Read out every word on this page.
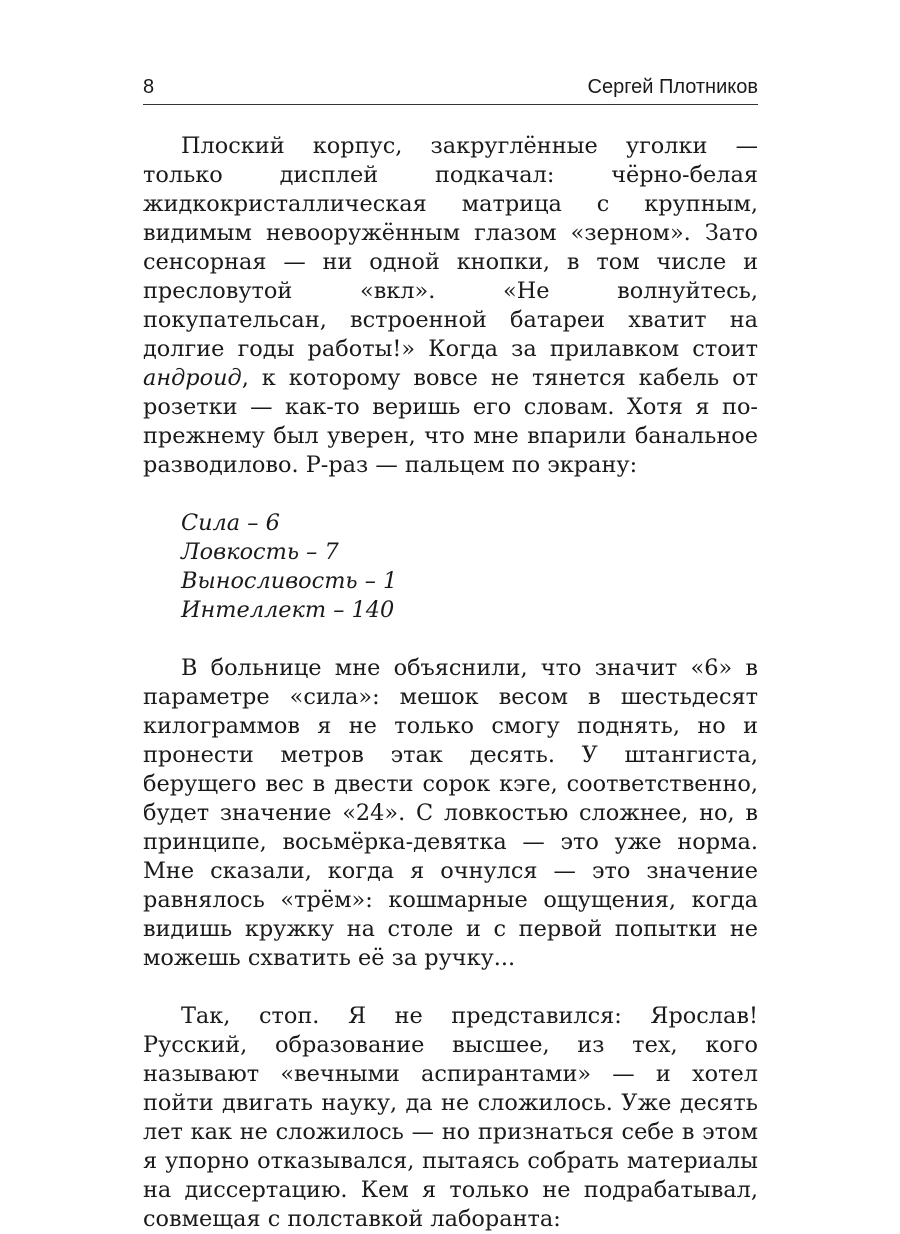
8	Сергей Плотников

Плоский корпус, закруглённые уголки — только дисплей подкачал: чёрно-белая жидкокристаллическая матрица с крупным, видимым невооружённым глазом «зерном». Зато сенсорная — ни одной кнопки, в том числе и пресловутой «вкл». «Не волнуйтесь, покупательсан, встроенной батареи хватит на долгие годы работы!» Когда за прилавком стоит андроид, к которому вовсе не тянется кабель от розетки — как-то веришь его словам. Хотя я по-прежнему был уверен, что мне впарили банальное разводилово. Р-раз — пальцем по экрану:

Сила – 6
Ловкость – 7
Выносливость – 1
Интеллект – 140

В больнице мне объяснили, что значит «6» в параметре «сила»: мешок весом в шестьдесят килограммов я не только смогу поднять, но и пронести метров этак десять. У штангиста, берущего вес в двести сорок кэге, соответственно, будет значение «24». С ловкостью сложнее, но, в принципе, восьмёрка-девятка — это уже норма. Мне сказали, когда я очнулся — это значение равнялось «трём»: кошмарные ощущения, когда видишь кружку на столе и с первой попытки не можешь схватить её за ручку...

Так, стоп. Я не представился: Ярослав! Русский, образование высшее, из тех, кого называют «вечными аспирантами» — и хотел пойти двигать науку, да не сложилось. Уже десять лет как не сложилось — но признаться себе в этом я упорно отказывался, пытаясь собрать материалы на диссертацию. Кем я только не подрабатывал, совмещая с полставкой лаборанта:
